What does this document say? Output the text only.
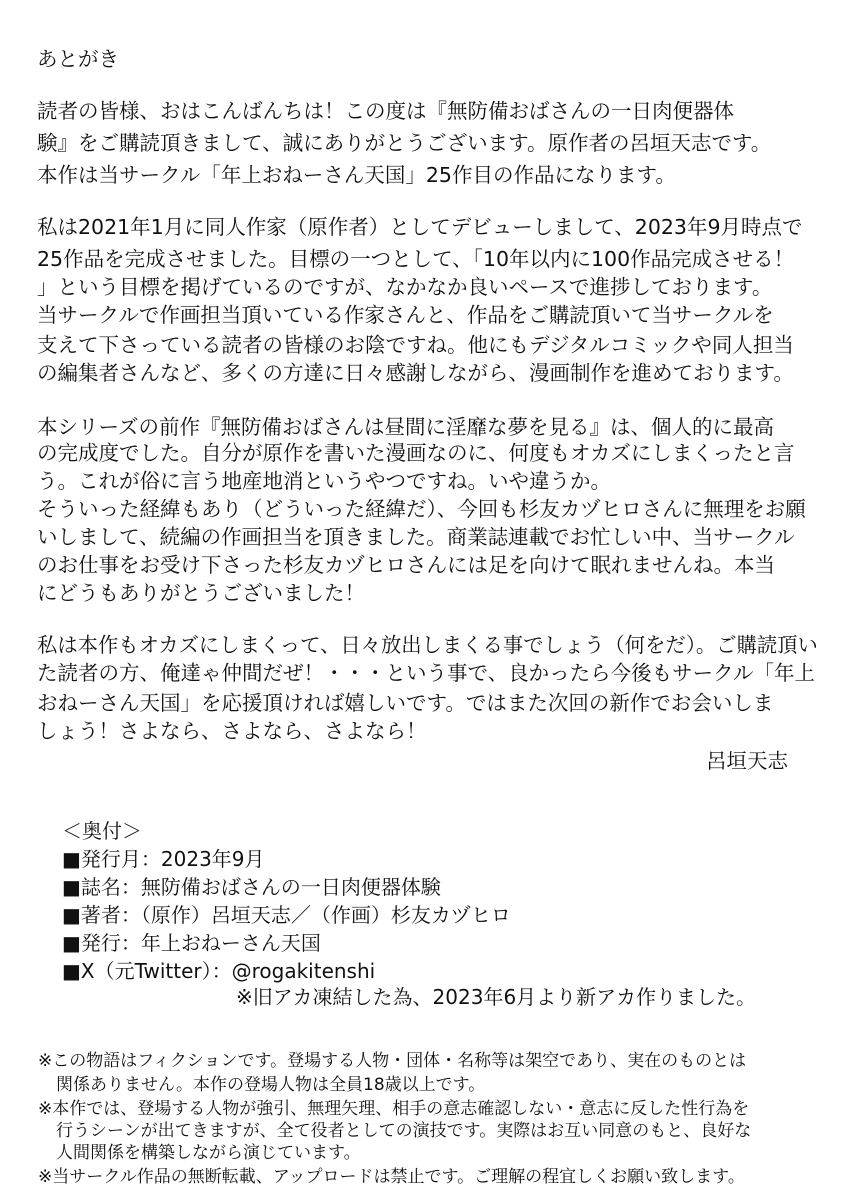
あとがき
読者の皆様、おはこんばんちは！この度は『無防備おばさんの一日肉便器体
験』をご購読頂きまして、誠にありがとうございます。原作者の呂垣天志です。
本作は当サークル「年上おねーさん天国」25作目の作品になります。
私は2021年1月に同人作家（原作者）としてデビューしまして、2023年9月時点で
25作品を完成させました。目標の一つとして、「10年以内に100作品完成させる！
」という目標を掲げているのですが、なかなか良いペースで進捗しております。
当サークルで作画担当頂いている作家さんと、作品をご購読頂いて当サークルを
支えて下さっている読者の皆様のお陰ですね。他にもデジタルコミックや同人担当
の編集者さんなど、多くの方達に日々感謝しながら、漫画制作を進めております。
本シリーズの前作『無防備おばさんは昼間に淫靡な夢を見る』は、個人的に最高
の完成度でした。自分が原作を書いた漫画なのに、何度もオカズにしまくったと言
う。これが俗に言う地産地消というやつですね。いや違うか。
そういった経緯もあり（どういった経緯だ）、今回も杉友カヅヒロさんに無理をお願
いしまして、続編の作画担当を頂きました。商業誌連載でお忙しい中、当サークル
のお仕事をお受け下さった杉友カヅヒロさんには足を向けて眠れませんね。本当
にどうもありがとうございました！
私は本作もオカズにしまくって、日々放出しまくる事でしょう（何をだ）。ご購読頂い
た読者の方、俺達ゃ仲間だぜ！・・・という事で、良かったら今後もサークル「年上
おねーさん天国」を応援頂ければ嬉しいです。ではまた次回の新作でお会いしま
しょう！さよなら、さよなら、さよなら！
呂垣天志
＜奥付＞
■発行月：2023年9月
■誌名：無防備おばさんの一日肉便器体験
■著者：（原作）呂垣天志／（作画）杉友カヅヒロ
■発行：年上おねーさん天国
■X（元Twitter）：@rogakitenshi
※旧アカ凍結した為、2023年6月より新アカ作りました。
※この物語はフィクションです。登場する人物・団体・名称等は架空であり、実在のものとは
関係ありません。本作の登場人物は全員18歳以上です。
※本作では、登場する人物が強引、無理矢理、相手の意志確認しない・意志に反した性行為を
行うシーンが出てきますが、全て役者としての演技です。実際はお互い同意のもと、良好な
人間関係を構築しながら演じています。
※当サークル作品の無断転載、アップロードは禁止です。ご理解の程宜しくお願い致します。
